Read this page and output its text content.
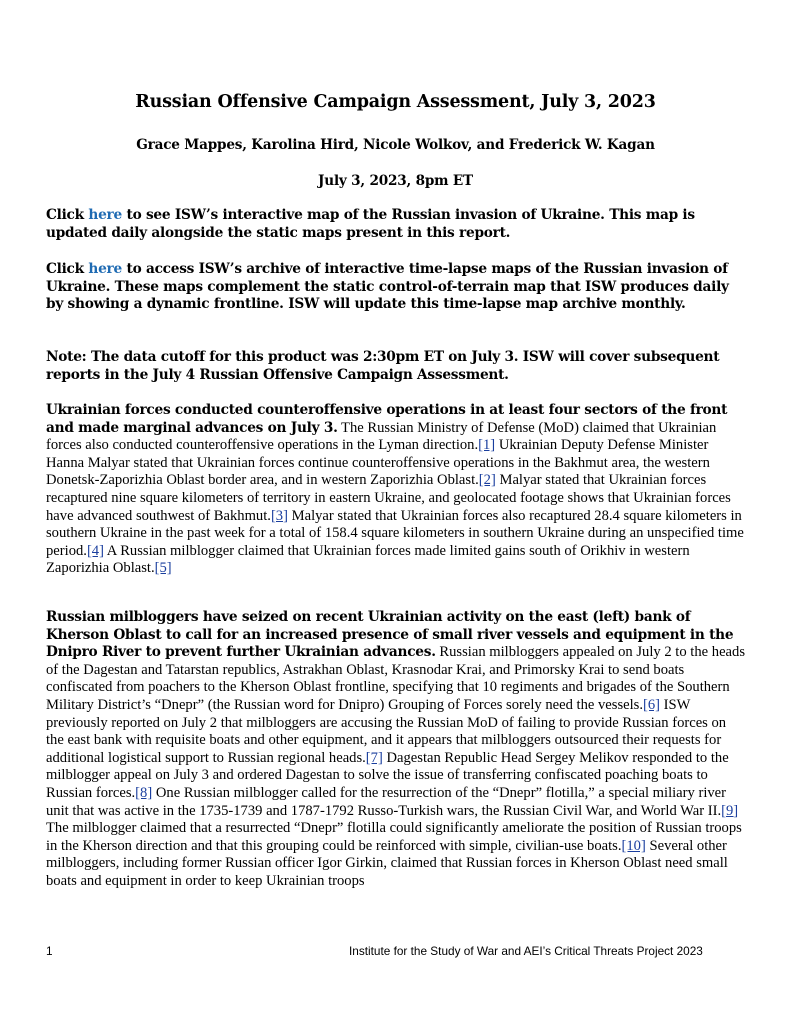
Russian Offensive Campaign Assessment, July 3, 2023
Grace Mappes, Karolina Hird, Nicole Wolkov, and Frederick W. Kagan
July 3, 2023, 8pm ET
Click here to see ISW’s interactive map of the Russian invasion of Ukraine. This map is updated daily alongside the static maps present in this report.
Click here to access ISW’s archive of interactive time-lapse maps of the Russian invasion of Ukraine. These maps complement the static control-of-terrain map that ISW produces daily by showing a dynamic frontline. ISW will update this time-lapse map archive monthly.
Note: The data cutoff for this product was 2:30pm ET on July 3. ISW will cover subsequent reports in the July 4 Russian Offensive Campaign Assessment.
Ukrainian forces conducted counteroffensive operations in at least four sectors of the front and made marginal advances on July 3. The Russian Ministry of Defense (MoD) claimed that Ukrainian forces also conducted counteroffensive operations in the Lyman direction.[1] Ukrainian Deputy Defense Minister Hanna Malyar stated that Ukrainian forces continue counteroffensive operations in the Bakhmut area, the western Donetsk-Zaporizhia Oblast border area, and in western Zaporizhia Oblast.[2] Malyar stated that Ukrainian forces recaptured nine square kilometers of territory in eastern Ukraine, and geolocated footage shows that Ukrainian forces have advanced southwest of Bakhmut.[3] Malyar stated that Ukrainian forces also recaptured 28.4 square kilometers in southern Ukraine in the past week for a total of 158.4 square kilometers in southern Ukraine during an unspecified time period.[4] A Russian milblogger claimed that Ukrainian forces made limited gains south of Orikhiv in western Zaporizhia Oblast.[5]
Russian milbloggers have seized on recent Ukrainian activity on the east (left) bank of Kherson Oblast to call for an increased presence of small river vessels and equipment in the Dnipro River to prevent further Ukrainian advances. Russian milbloggers appealed on July 2 to the heads of the Dagestan and Tatarstan republics, Astrakhan Oblast, Krasnodar Krai, and Primorsky Krai to send boats confiscated from poachers to the Kherson Oblast frontline, specifying that 10 regiments and brigades of the Southern Military District’s “Dnepr” (the Russian word for Dnipro) Grouping of Forces sorely need the vessels.[6] ISW previously reported on July 2 that milbloggers are accusing the Russian MoD of failing to provide Russian forces on the east bank with requisite boats and other equipment, and it appears that milbloggers outsourced their requests for additional logistical support to Russian regional heads.[7] Dagestan Republic Head Sergey Melikov responded to the milblogger appeal on July 3 and ordered Dagestan to solve the issue of transferring confiscated poaching boats to Russian forces.[8] One Russian milblogger called for the resurrection of the “Dnepr” flotilla,” a special miliary river unit that was active in the 1735-1739 and 1787-1792 Russo-Turkish wars, the Russian Civil War, and World War II.[9] The milblogger claimed that a resurrected “Dnepr” flotilla could significantly ameliorate the position of Russian troops in the Kherson direction and that this grouping could be reinforced with simple, civilian-use boats.[10] Several other milbloggers, including former Russian officer Igor Girkin, claimed that Russian forces in Kherson Oblast need small boats and equipment in order to keep Ukrainian troops
1	Institute for the Study of War and AEI’s Critical Threats Project 2023
